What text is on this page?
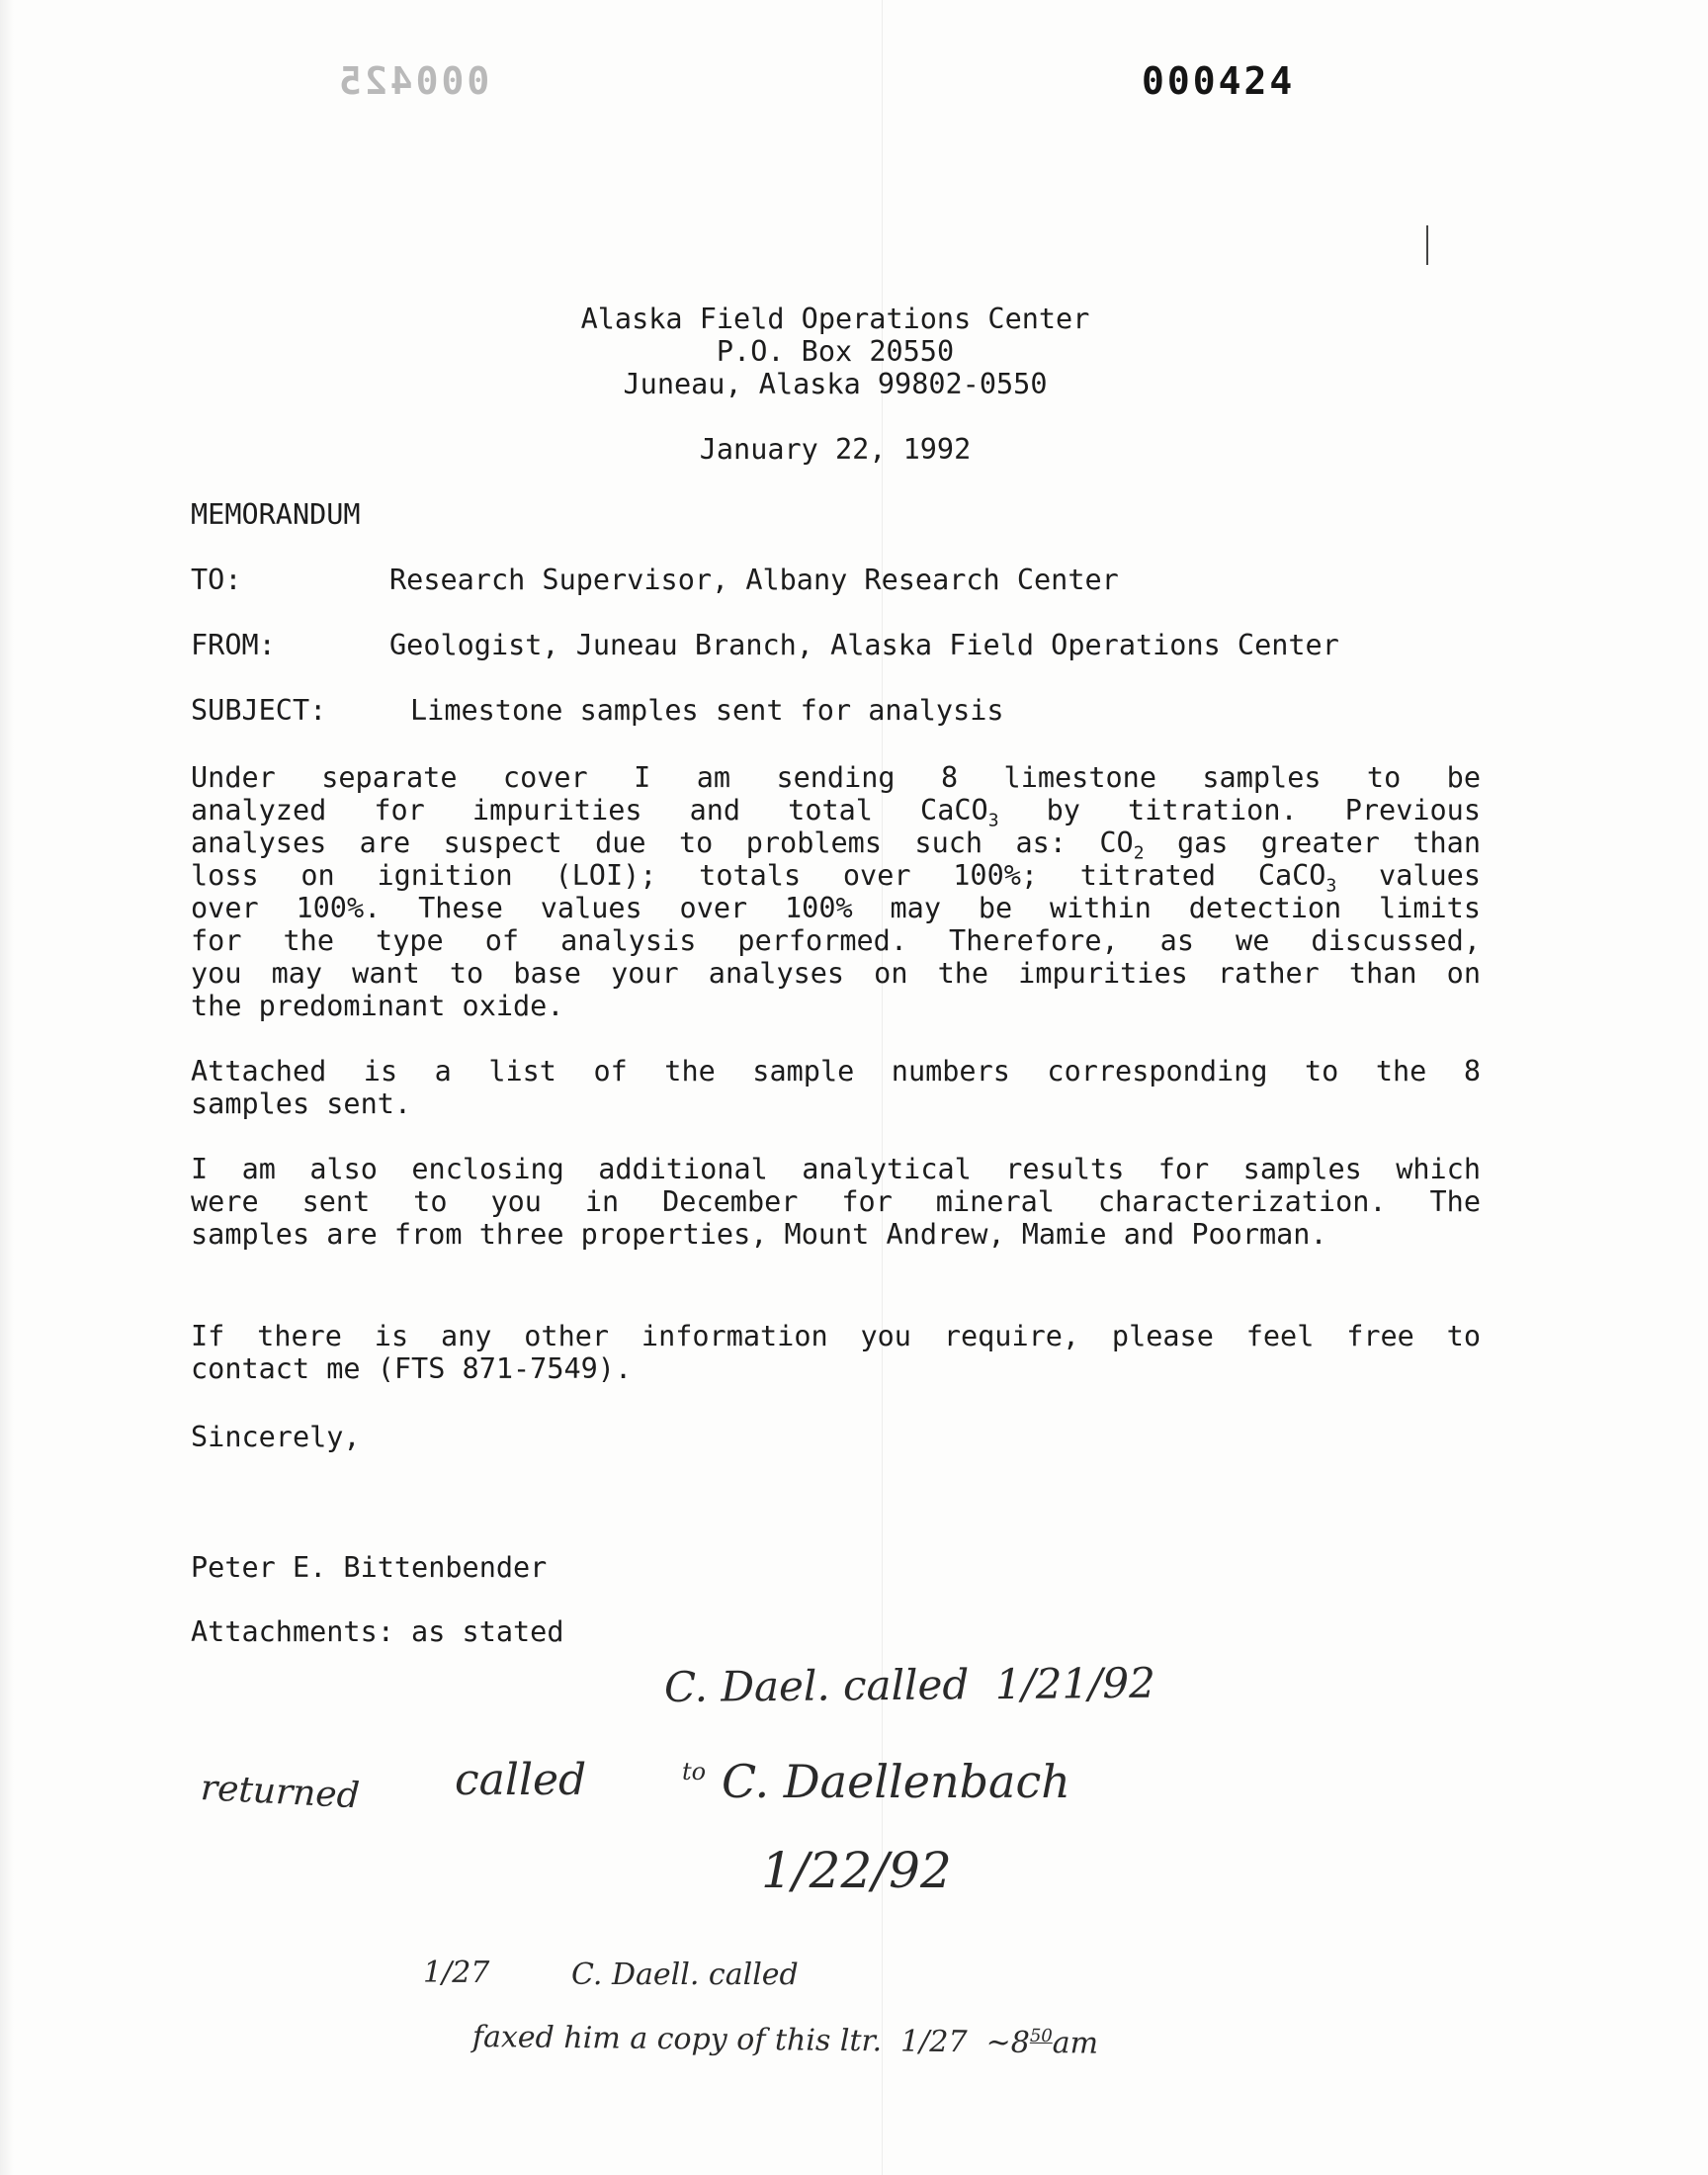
000425	000424
Alaska Field Operations Center
P.O. Box 20550
Juneau, Alaska 99802-0550
January 22, 1992
MEMORANDUM
TO:	Research Supervisor, Albany Research Center
FROM:	Geologist, Juneau Branch, Alaska Field Operations Center
SUBJECT:	Limestone samples sent for analysis
Under separate cover I am sending 8 limestone samples to be
analyzed for impurities and total CaCO$_3$ by titration. Previous
analyses are suspect due to problems such as: $CO_2$ gas greater than
loss on ignition (LOI); totals over 100%; titrated CaCO$_3$ values
over 100%. These values over 100% may be within detection limits
for the type of analysis performed. Therefore, as we discussed,
you may want to base your analyses on the impurities rather than on
the predominant oxide.
Attached is a list of the sample numbers corresponding to the 8
samples sent.
I am also enclosing additional analytical results for samples which
were sent to you in December for mineral characterization. The
samples are from three properties, Mount Andrew, Mamie and Poorman.
If there is any other information you require, please feel free to
contact me (FTS 871-7549).
Sincerely,
Peter E. Bittenbender
Attachments: as stated
C. Dael. called  1/21/92
returned called	to C. Daellenbach
1/22/92
1/27	C. Daell. called
faxed him a copy of this ltr.  1/27  $\sim 8^{50}am$
